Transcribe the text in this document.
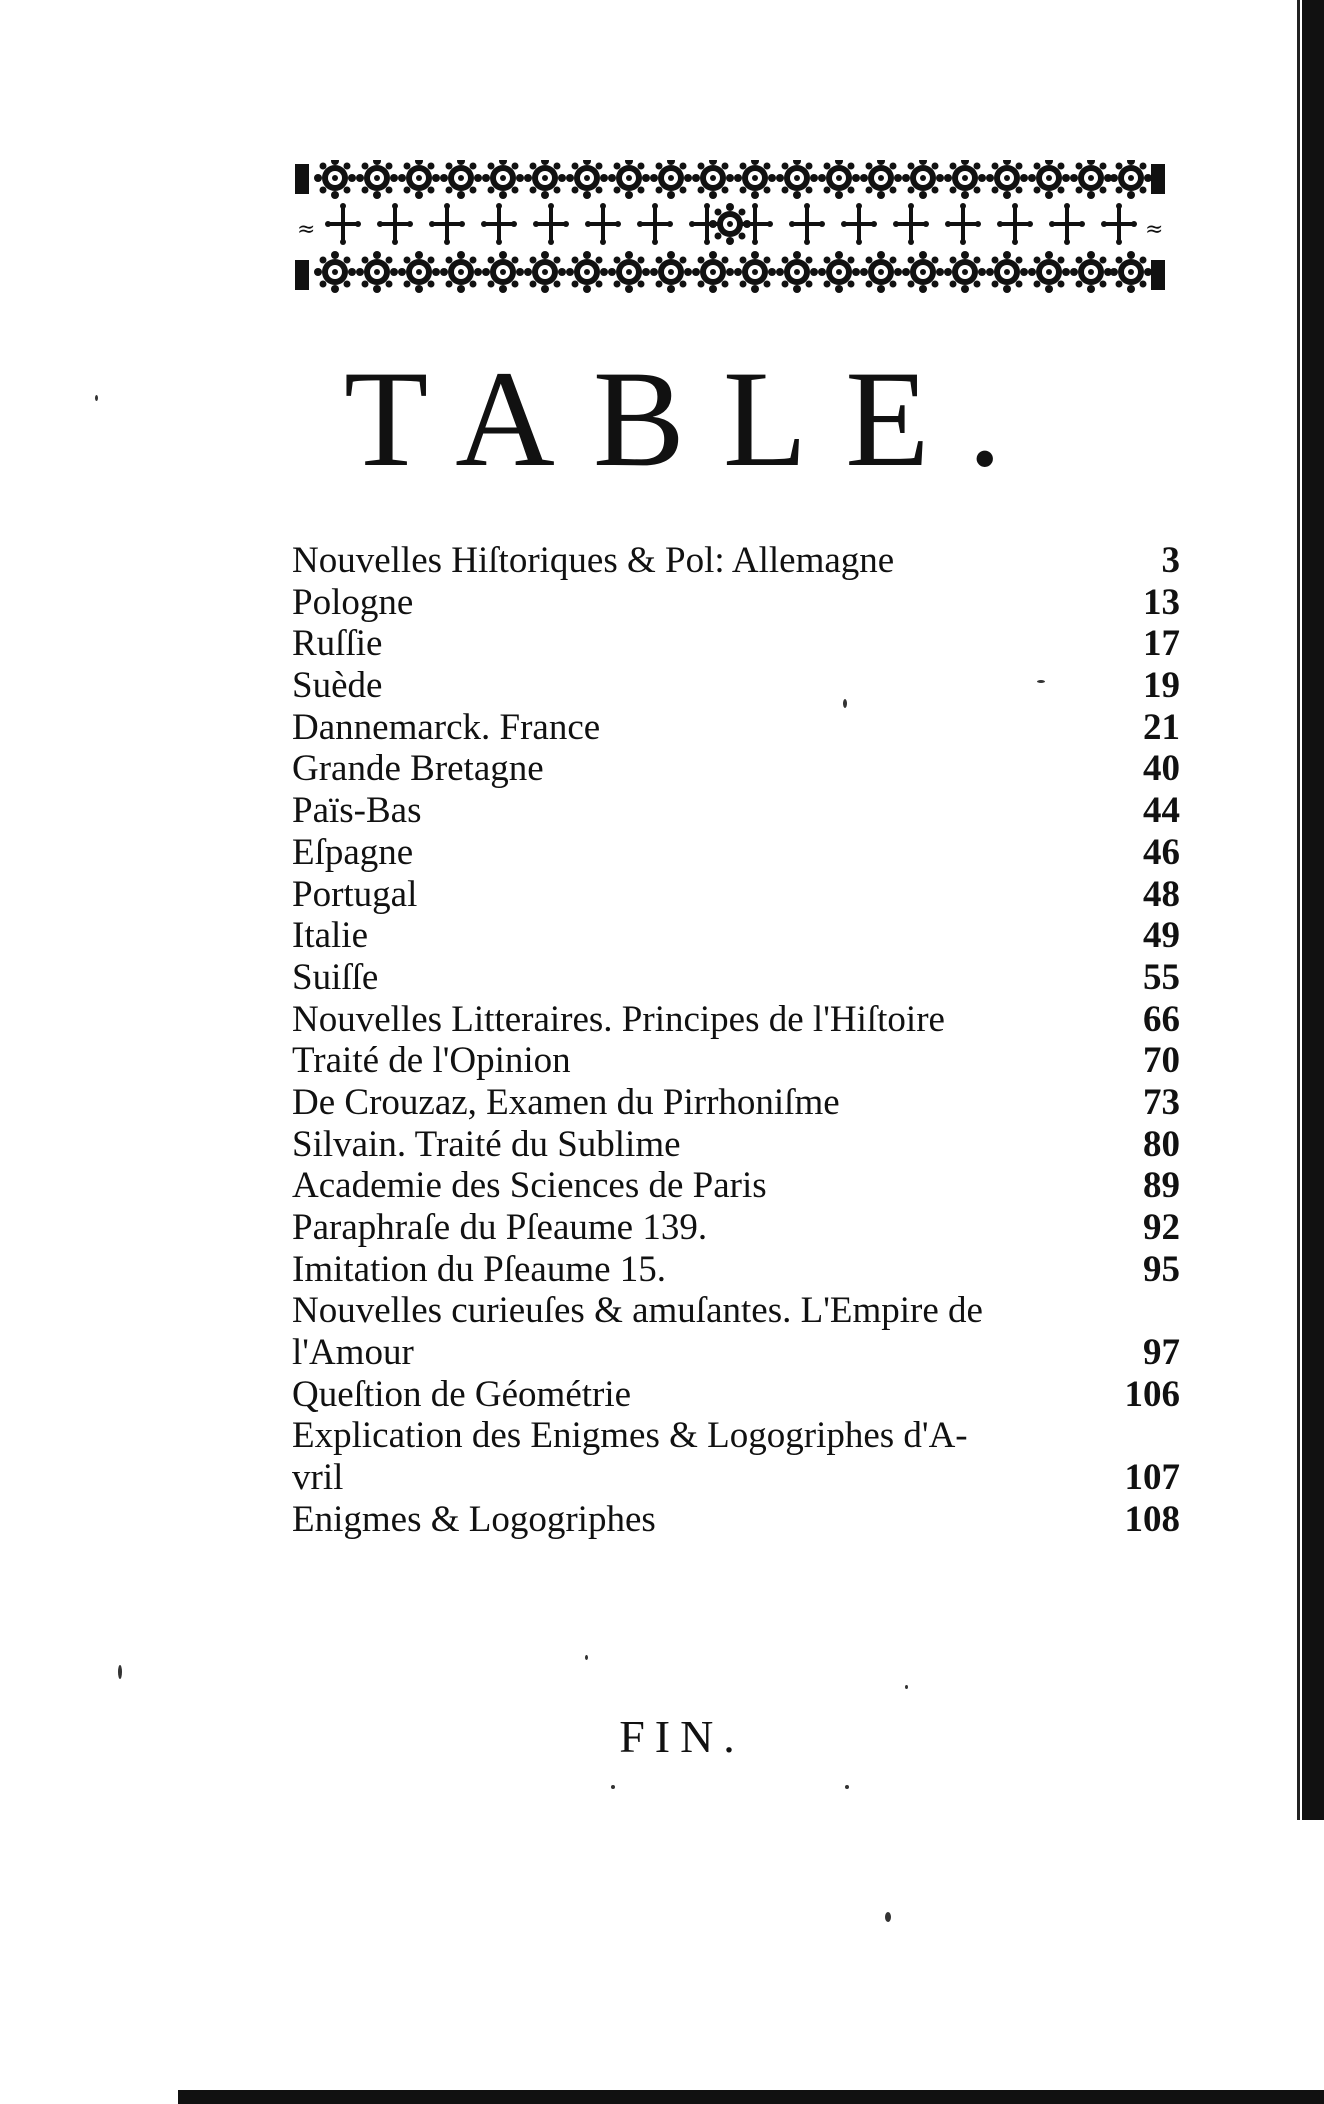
≈	≈
TABLE.
Nouvelles Hiſtoriques & Pol: Allemagne	3
Pologne	13
Ruſſie	17
Suède	19
Dannemarck. France	21
Grande Bretagne	40
Païs-Bas	44
Eſpagne	46
Portugal	48
Italie	49
Suiſſe	55
Nouvelles Litteraires. Principes de l'Hiſtoire	66
Traité de l'Opinion	70
De Crouzaz, Examen du Pirrhoniſme	73
Silvain. Traité du Sublime	80
Academie des Sciences de Paris	89
Paraphraſe du Pſeaume 139.	92
Imitation du Pſeaume 15.	95
Nouvelles curieuſes & amuſantes. L'Empire de
l'Amour	97
Queſtion de Géométrie	106
Explication des Enigmes & Logogriphes d'A-
vril	107
Enigmes & Logogriphes	108
FIN.
